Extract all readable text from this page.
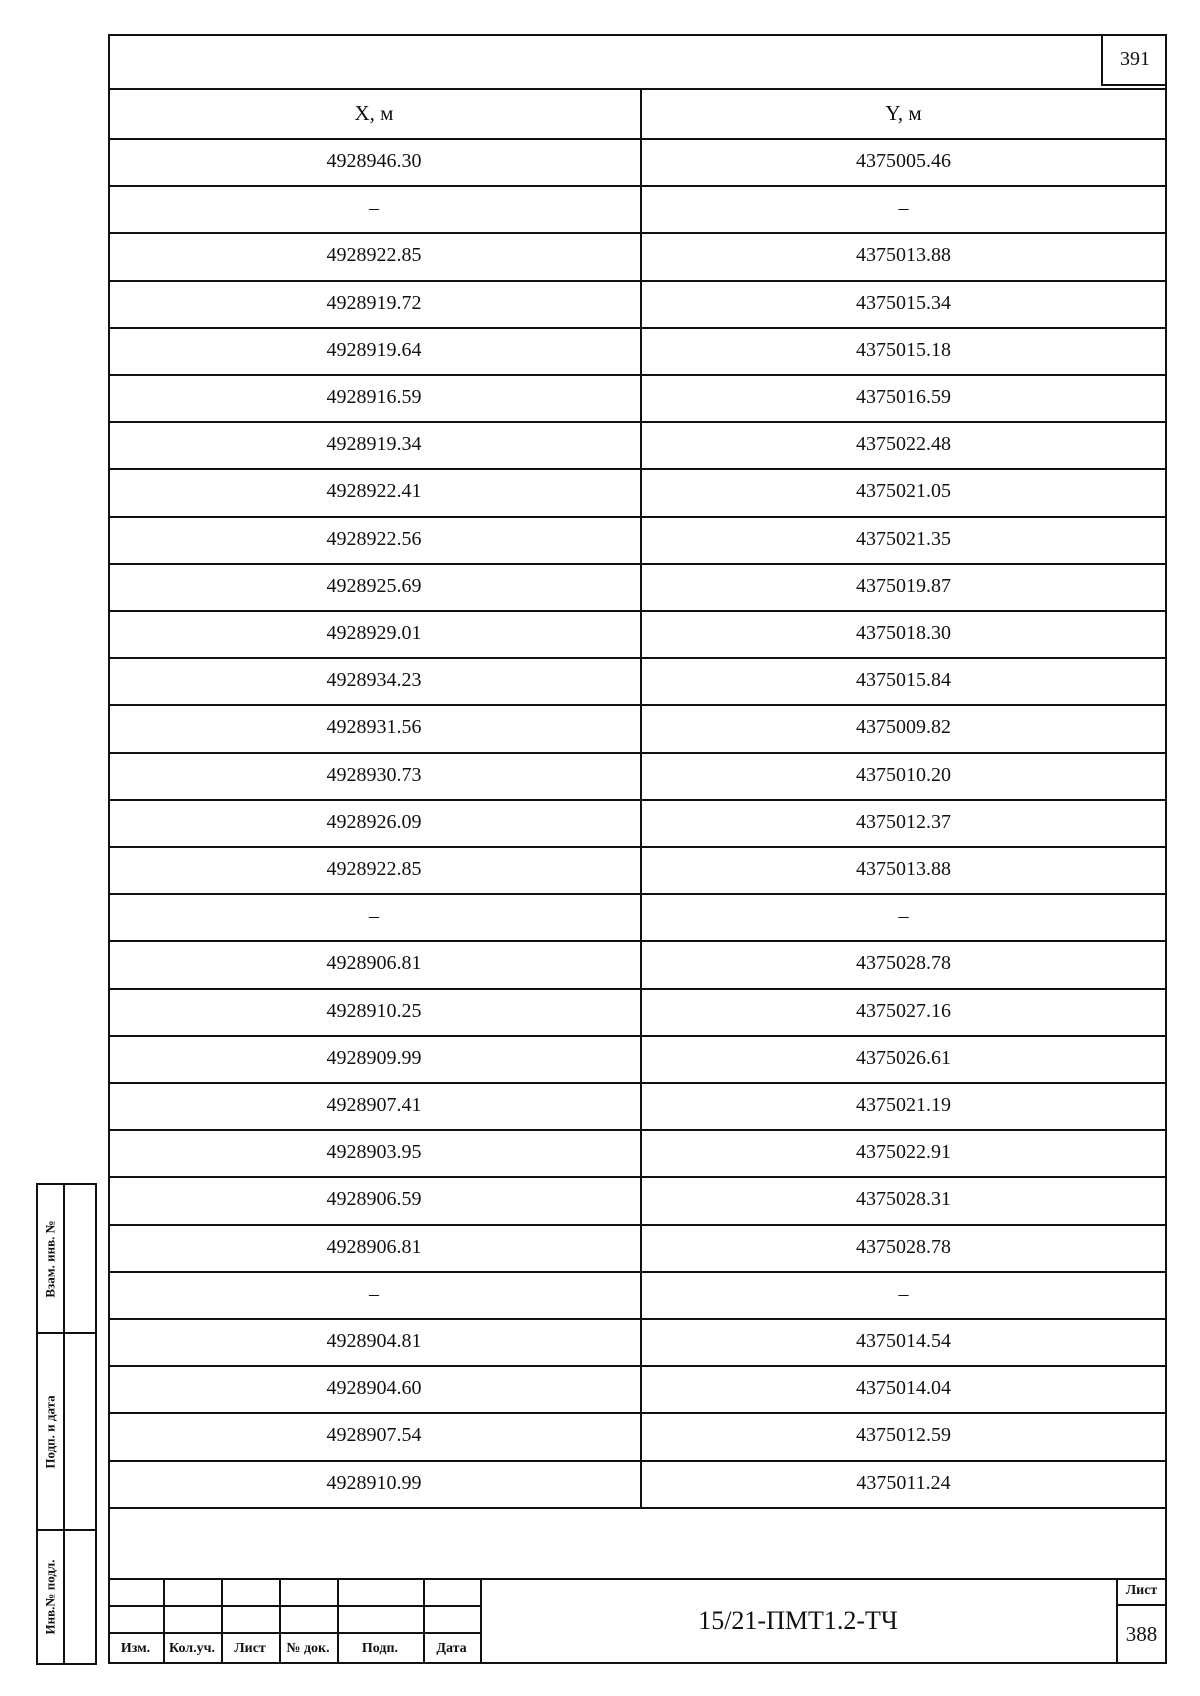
391
X, м	Y, м
4928946.30	4375005.46
–	–
4928922.85	4375013.88
4928919.72	4375015.34
4928919.64	4375015.18
4928916.59	4375016.59
4928919.34	4375022.48
4928922.41	4375021.05
4928922.56	4375021.35
4928925.69	4375019.87
4928929.01	4375018.30
4928934.23	4375015.84
4928931.56	4375009.82
4928930.73	4375010.20
4928926.09	4375012.37
4928922.85	4375013.88
–	–
4928906.81	4375028.78
4928910.25	4375027.16
4928909.99	4375026.61
4928907.41	4375021.19
4928903.95	4375022.91
4928906.59	4375028.31
4928906.81	4375028.78
–	–
4928904.81	4375014.54
4928904.60	4375014.04
4928907.54	4375012.59
4928910.99	4375011.24
Взам. инв. №
Подп. и дата
Инв.№ подл.
Изм.	Кол.уч.	Лист	№ док.	Подп.	Дата
15/21-ПМТ1.2-ТЧ
Лист
388
